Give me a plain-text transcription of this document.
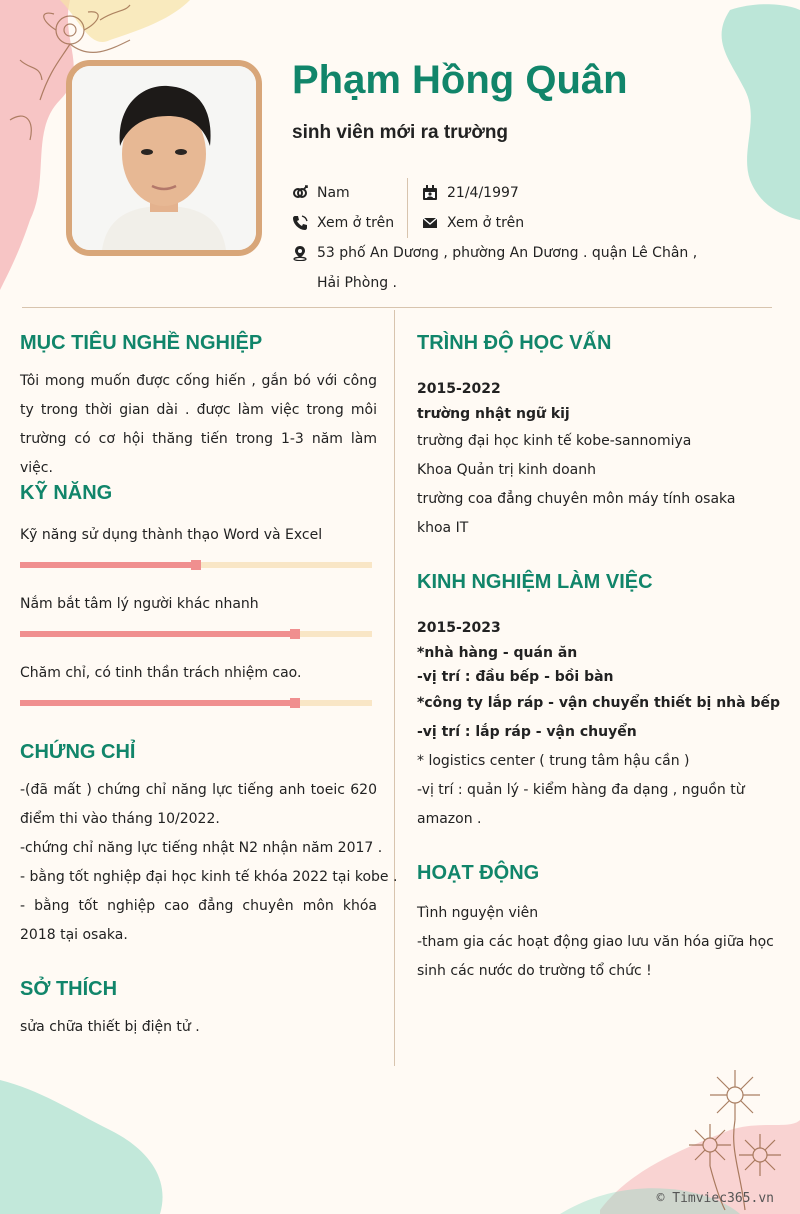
Phạm Hồng Quân
sinh viên mới ra trường
Nam	21/4/1997
Xem ở trên	Xem ở trên
53 phố An Dương , phường An Dương . quận Lê Chân ,
Hải Phòng .
MỤC TIÊU NGHỀ NGHIỆP
Tôi mong muốn được cống hiến , gắn bó với công ty trong thời gian dài . được làm việc trong môi trường có cơ hội thăng tiến trong 1-3 năm làm việc.
KỸ NĂNG
Kỹ năng sử dụng thành thạo Word và Excel
Nắm bắt tâm lý người khác nhanh
Chăm chỉ, có tinh thần trách nhiệm cao.
CHỨNG CHỈ
-(đã mất ) chứng chỉ năng lực tiếng anh toeic 620 điểm thi vào tháng 10/2022.
-chứng chỉ năng lực tiếng nhật N2 nhận năm 2017 .
- bằng tốt nghiệp đại học kinh tế khóa 2022 tại kobe .
- bằng tốt nghiệp cao đẳng chuyên môn khóa 2018 tại osaka.
SỞ THÍCH
sửa chữa thiết bị điện tử .
TRÌNH ĐỘ HỌC VẤN
2015-2022
trường nhật ngữ kij
trường đại học kinh tế kobe-sannomiya
Khoa Quản trị kinh doanh
trường coa đẳng chuyên môn máy tính osaka
khoa IT
KINH NGHIỆM LÀM VIỆC
2015-2023
*nhà hàng - quán ăn
-vị trí : đầu bếp - bồi bàn
*công ty lắp ráp - vận chuyển thiết bị nhà bếp
-vị trí : lắp ráp - vận chuyển
* logistics center ( trung tâm hậu cần )
-vị trí : quản lý - kiểm hàng đa dạng , nguồn từ amazon .
HOẠT ĐỘNG
Tình nguyện viên
-tham gia các hoạt động giao lưu văn hóa giữa học sinh các nước do trường tổ chức !
© Timviec365.vn
